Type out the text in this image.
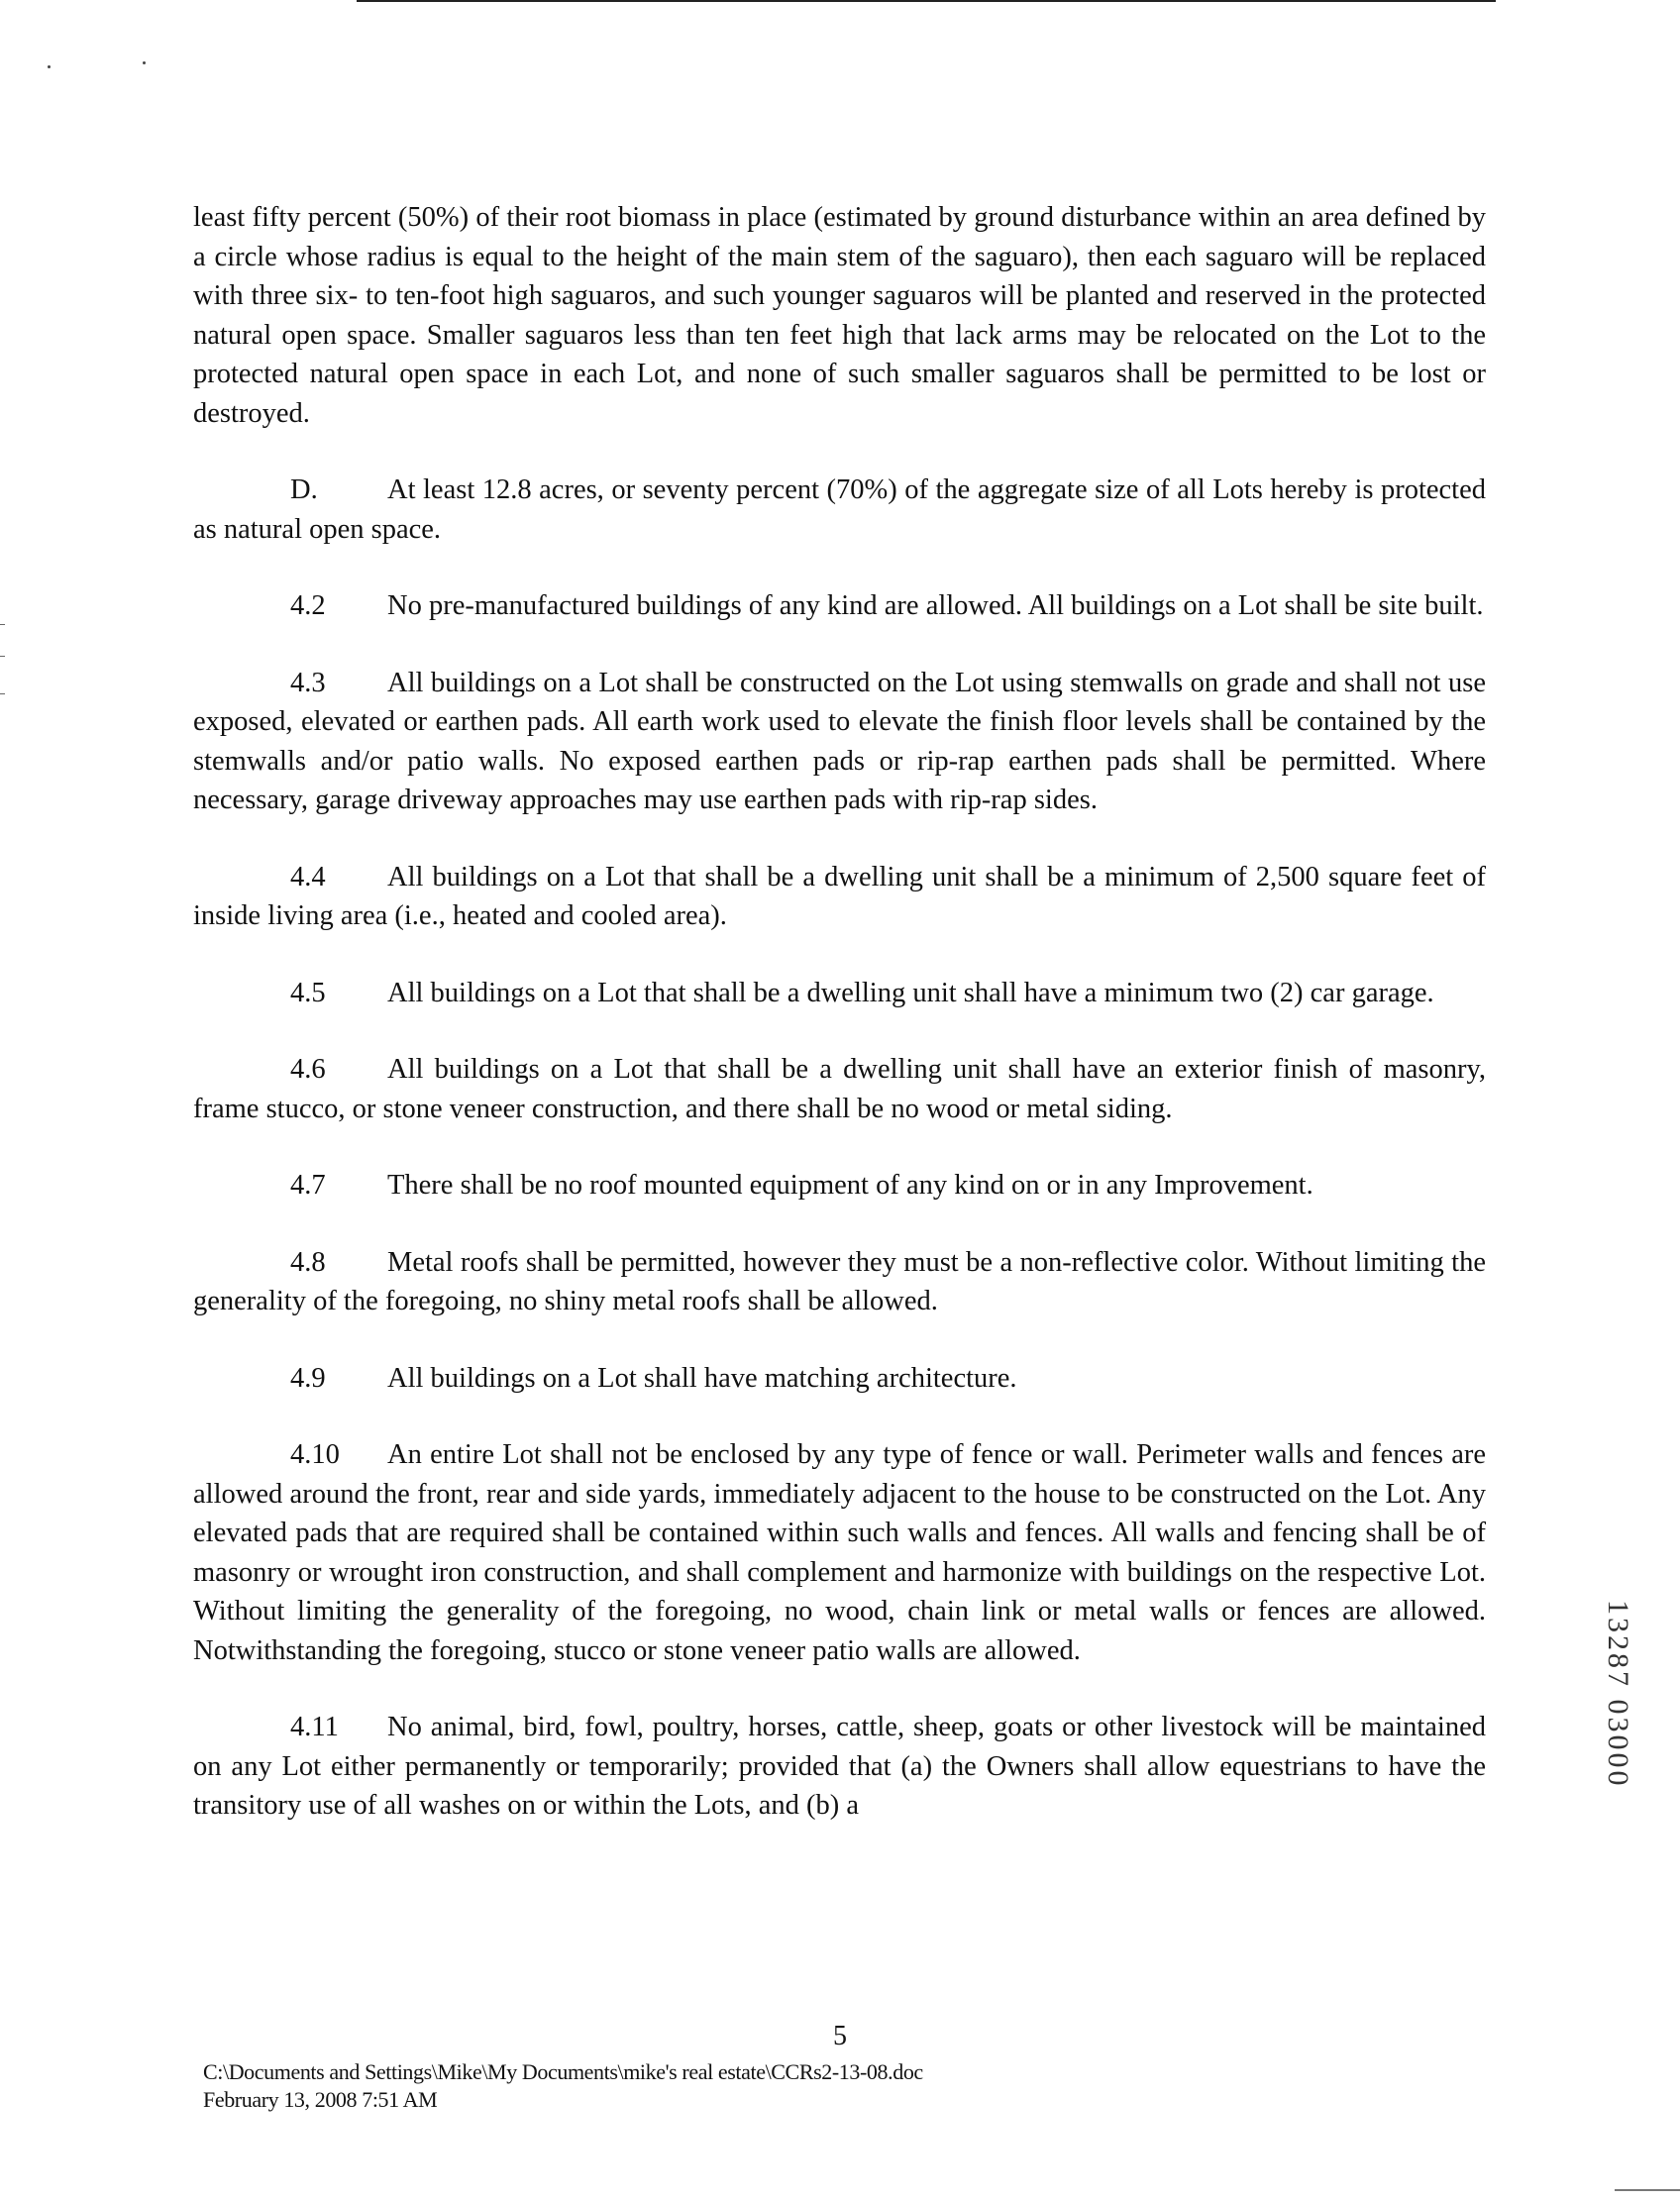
least fifty percent (50%) of their root biomass in place (estimated by ground disturbance within an area defined by a circle whose radius is equal to the height of the main stem of the saguaro), then each saguaro will be replaced with three six- to ten-foot high saguaros, and such younger saguaros will be planted and reserved in the protected natural open space. Smaller saguaros less than ten feet high that lack arms may be relocated on the Lot to the protected natural open space in each Lot, and none of such smaller saguaros shall be permitted to be lost or destroyed.

D. At least 12.8 acres, or seventy percent (70%) of the aggregate size of all Lots hereby is protected as natural open space.

4.2 No pre-manufactured buildings of any kind are allowed. All buildings on a Lot shall be site built.

4.3 All buildings on a Lot shall be constructed on the Lot using stemwalls on grade and shall not use exposed, elevated or earthen pads. All earth work used to elevate the finish floor levels shall be contained by the stemwalls and/or patio walls. No exposed earthen pads or rip-rap earthen pads shall be permitted. Where necessary, garage driveway approaches may use earthen pads with rip-rap sides.

4.4 All buildings on a Lot that shall be a dwelling unit shall be a minimum of 2,500 square feet of inside living area (i.e., heated and cooled area).

4.5 All buildings on a Lot that shall be a dwelling unit shall have a minimum two (2) car garage.

4.6 All buildings on a Lot that shall be a dwelling unit shall have an exterior finish of masonry, frame stucco, or stone veneer construction, and there shall be no wood or metal siding.

4.7 There shall be no roof mounted equipment of any kind on or in any Improvement.

4.8 Metal roofs shall be permitted, however they must be a non-reflective color. Without limiting the generality of the foregoing, no shiny metal roofs shall be allowed.

4.9 All buildings on a Lot shall have matching architecture.

4.10 An entire Lot shall not be enclosed by any type of fence or wall. Perimeter walls and fences are allowed around the front, rear and side yards, immediately adjacent to the house to be constructed on the Lot. Any elevated pads that are required shall be contained within such walls and fences. All walls and fencing shall be of masonry or wrought iron construction, and shall complement and harmonize with buildings on the respective Lot. Without limiting the generality of the foregoing, no wood, chain link or metal walls or fences are allowed. Notwithstanding the foregoing, stucco or stone veneer patio walls are allowed.

4.11 No animal, bird, fowl, poultry, horses, cattle, sheep, goats or other livestock will be maintained on any Lot either permanently or temporarily; provided that (a) the Owners shall allow equestrians to have the transitory use of all washes on or within the Lots, and (b) a

13287 03000
5
C:\Documents and Settings\Mike\My Documents\mike's real estate\CCRs2-13-08.doc
February 13, 2008 7:51 AM
